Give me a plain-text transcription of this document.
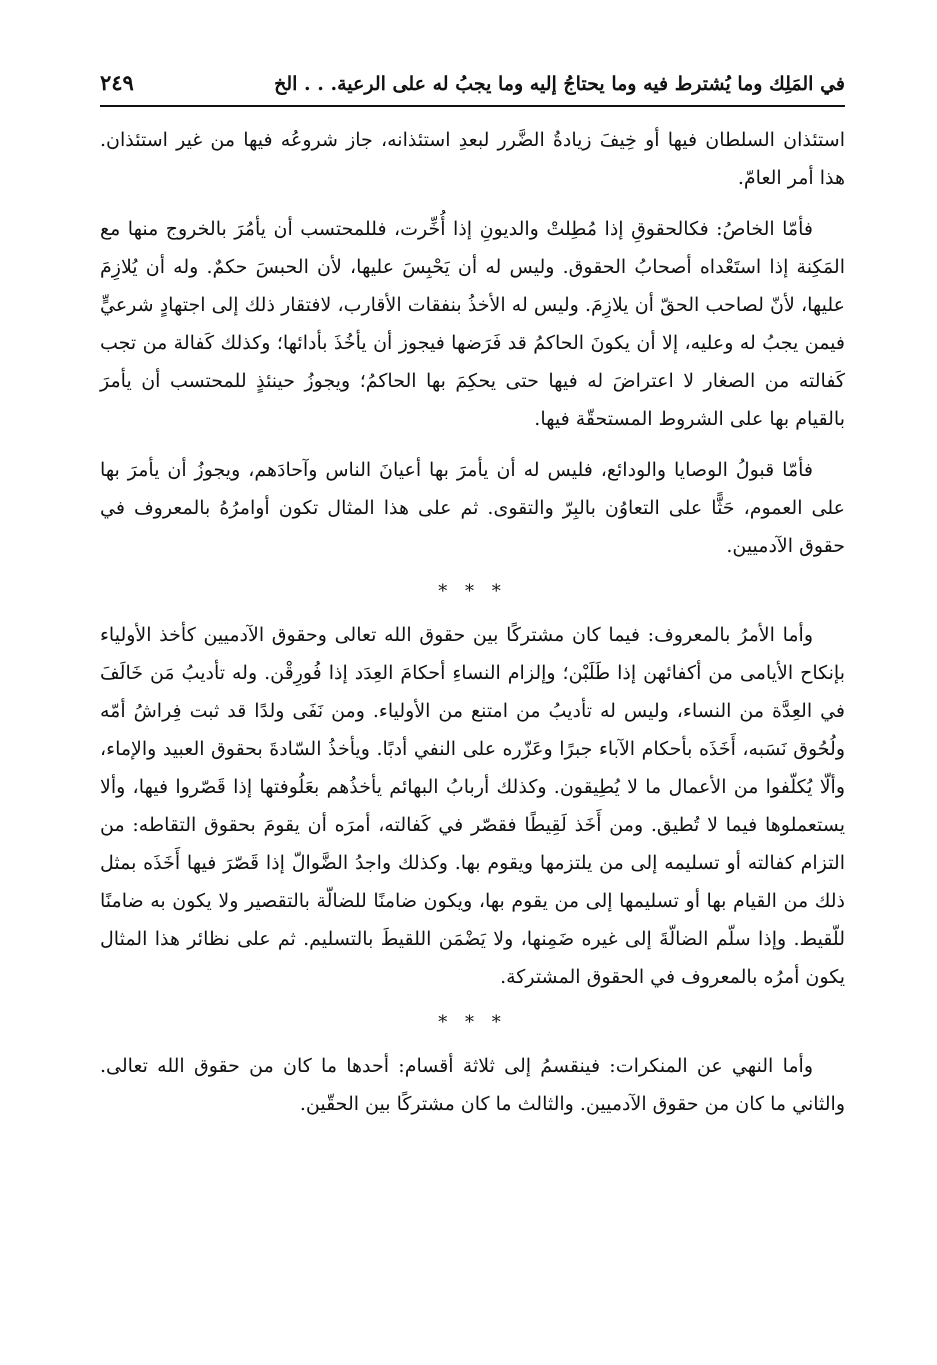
في المَلِك وما يُشترط فيه وما يحتاجُ إليه وما يجبُ له على الرعية. . . الخ
٢٤٩

استئذان السلطان فيها أو خِيفَ زيادةُ الضَّرر لبعدِ استئذانه، جاز شروعُه فيها من غير استئذان. هذا أمر العامّ.

فأمّا الخاصُ: فكالحقوقِ إذا مُطِلتْ والديونِ إذا أُخِّرت، فللمحتسب أن يأمُرَ بالخروج منها مع المَكِنة إذا استَعْداه أصحابُ الحقوق. وليس له أن يَحْبِسَ عليها، لأن الحبسَ حكمٌ. وله أن يُلازِمَ عليها، لأنّ لصاحب الحقّ أن يلازِمَ. وليس له الأخذُ بنفقات الأقارب، لافتقار ذلك إلى اجتهادٍ شرعيٍّ فيمن يجبُ له وعليه، إلا أن يكونَ الحاكمُ قد فَرَضها فيجوز أن يأخُذَ بأدائها؛ وكذلك كَفالة من تجب كَفالته من الصغار لا اعتراضَ له فيها حتى يحكِمَ بها الحاكمُ؛ ويجوزُ حينئذٍ للمحتسب أن يأمرَ بالقيام بها على الشروط المستحقّة فيها.

فأمّا قبولُ الوصايا والودائع، فليس له أن يأمرَ بها أعيانَ الناس وآحادَهم، ويجوزُ أن يأمرَ بها على العموم، حَثًّا على التعاوُن بالبِرّ والتقوى. ثم على هذا المثال تكون أوامرُهُ بالمعروف في حقوق الآدميين.

* * *

وأما الأمرُ بالمعروف: فيما كان مشتركًا بين حقوق الله تعالى وحقوق الآدميين كأخذ الأولياء بإنكاح الأيامى من أكفائهن إذا طَلَبْن؛ وإلزام النساءِ أحكامَ العِدَد إذا فُورِقْن. وله تأديبُ مَن خَالَفَ في العِدَّة من النساء، وليس له تأديبُ من امتنع من الأولياء. ومن نَفَى ولدًا قد ثبت فِراشُ أمّه ولُحُوق نَسَبه، أَخَذَه بأحكام الآباء جبرًا وعَزّره على النفي أدبًا. ويأخذُ السّادةَ بحقوق العبيد والإماء، وألّا يُكلّفوا من الأعمال ما لا يُطِيقون. وكذلك أربابُ البهائم يأخذُهم بعَلُوفتها إذا قَصّروا فيها، وألا يستعملوها فيما لا تُطيق. ومن أَخَذ لَقِيطًا فقصّر في كَفالته، أمرَه أن يقومَ بحقوق التقاطه: من التزام كفالته أو تسليمه إلى من يلتزمها ويقوم بها. وكذلك واجدُ الضَّوالّ إذا قَصّرَ فيها أَخَذَه بمثل ذلك من القيام بها أو تسليمها إلى من يقوم بها، ويكون ضامنًا للضالّة بالتقصير ولا يكون به ضامنًا للّقيط. وإذا سلّم الضالّةَ إلى غيره ضَمِنها، ولا يَضْمَن اللقيطَ بالتسليم. ثم على نظائر هذا المثال يكون أمرُه بالمعروف في الحقوق المشتركة.

* * *

وأما النهي عن المنكرات: فينقسمُ إلى ثلاثة أقسام: أحدها ما كان من حقوق الله تعالى. والثاني ما كان من حقوق الآدميين. والثالث ما كان مشتركًا بين الحقّين.
